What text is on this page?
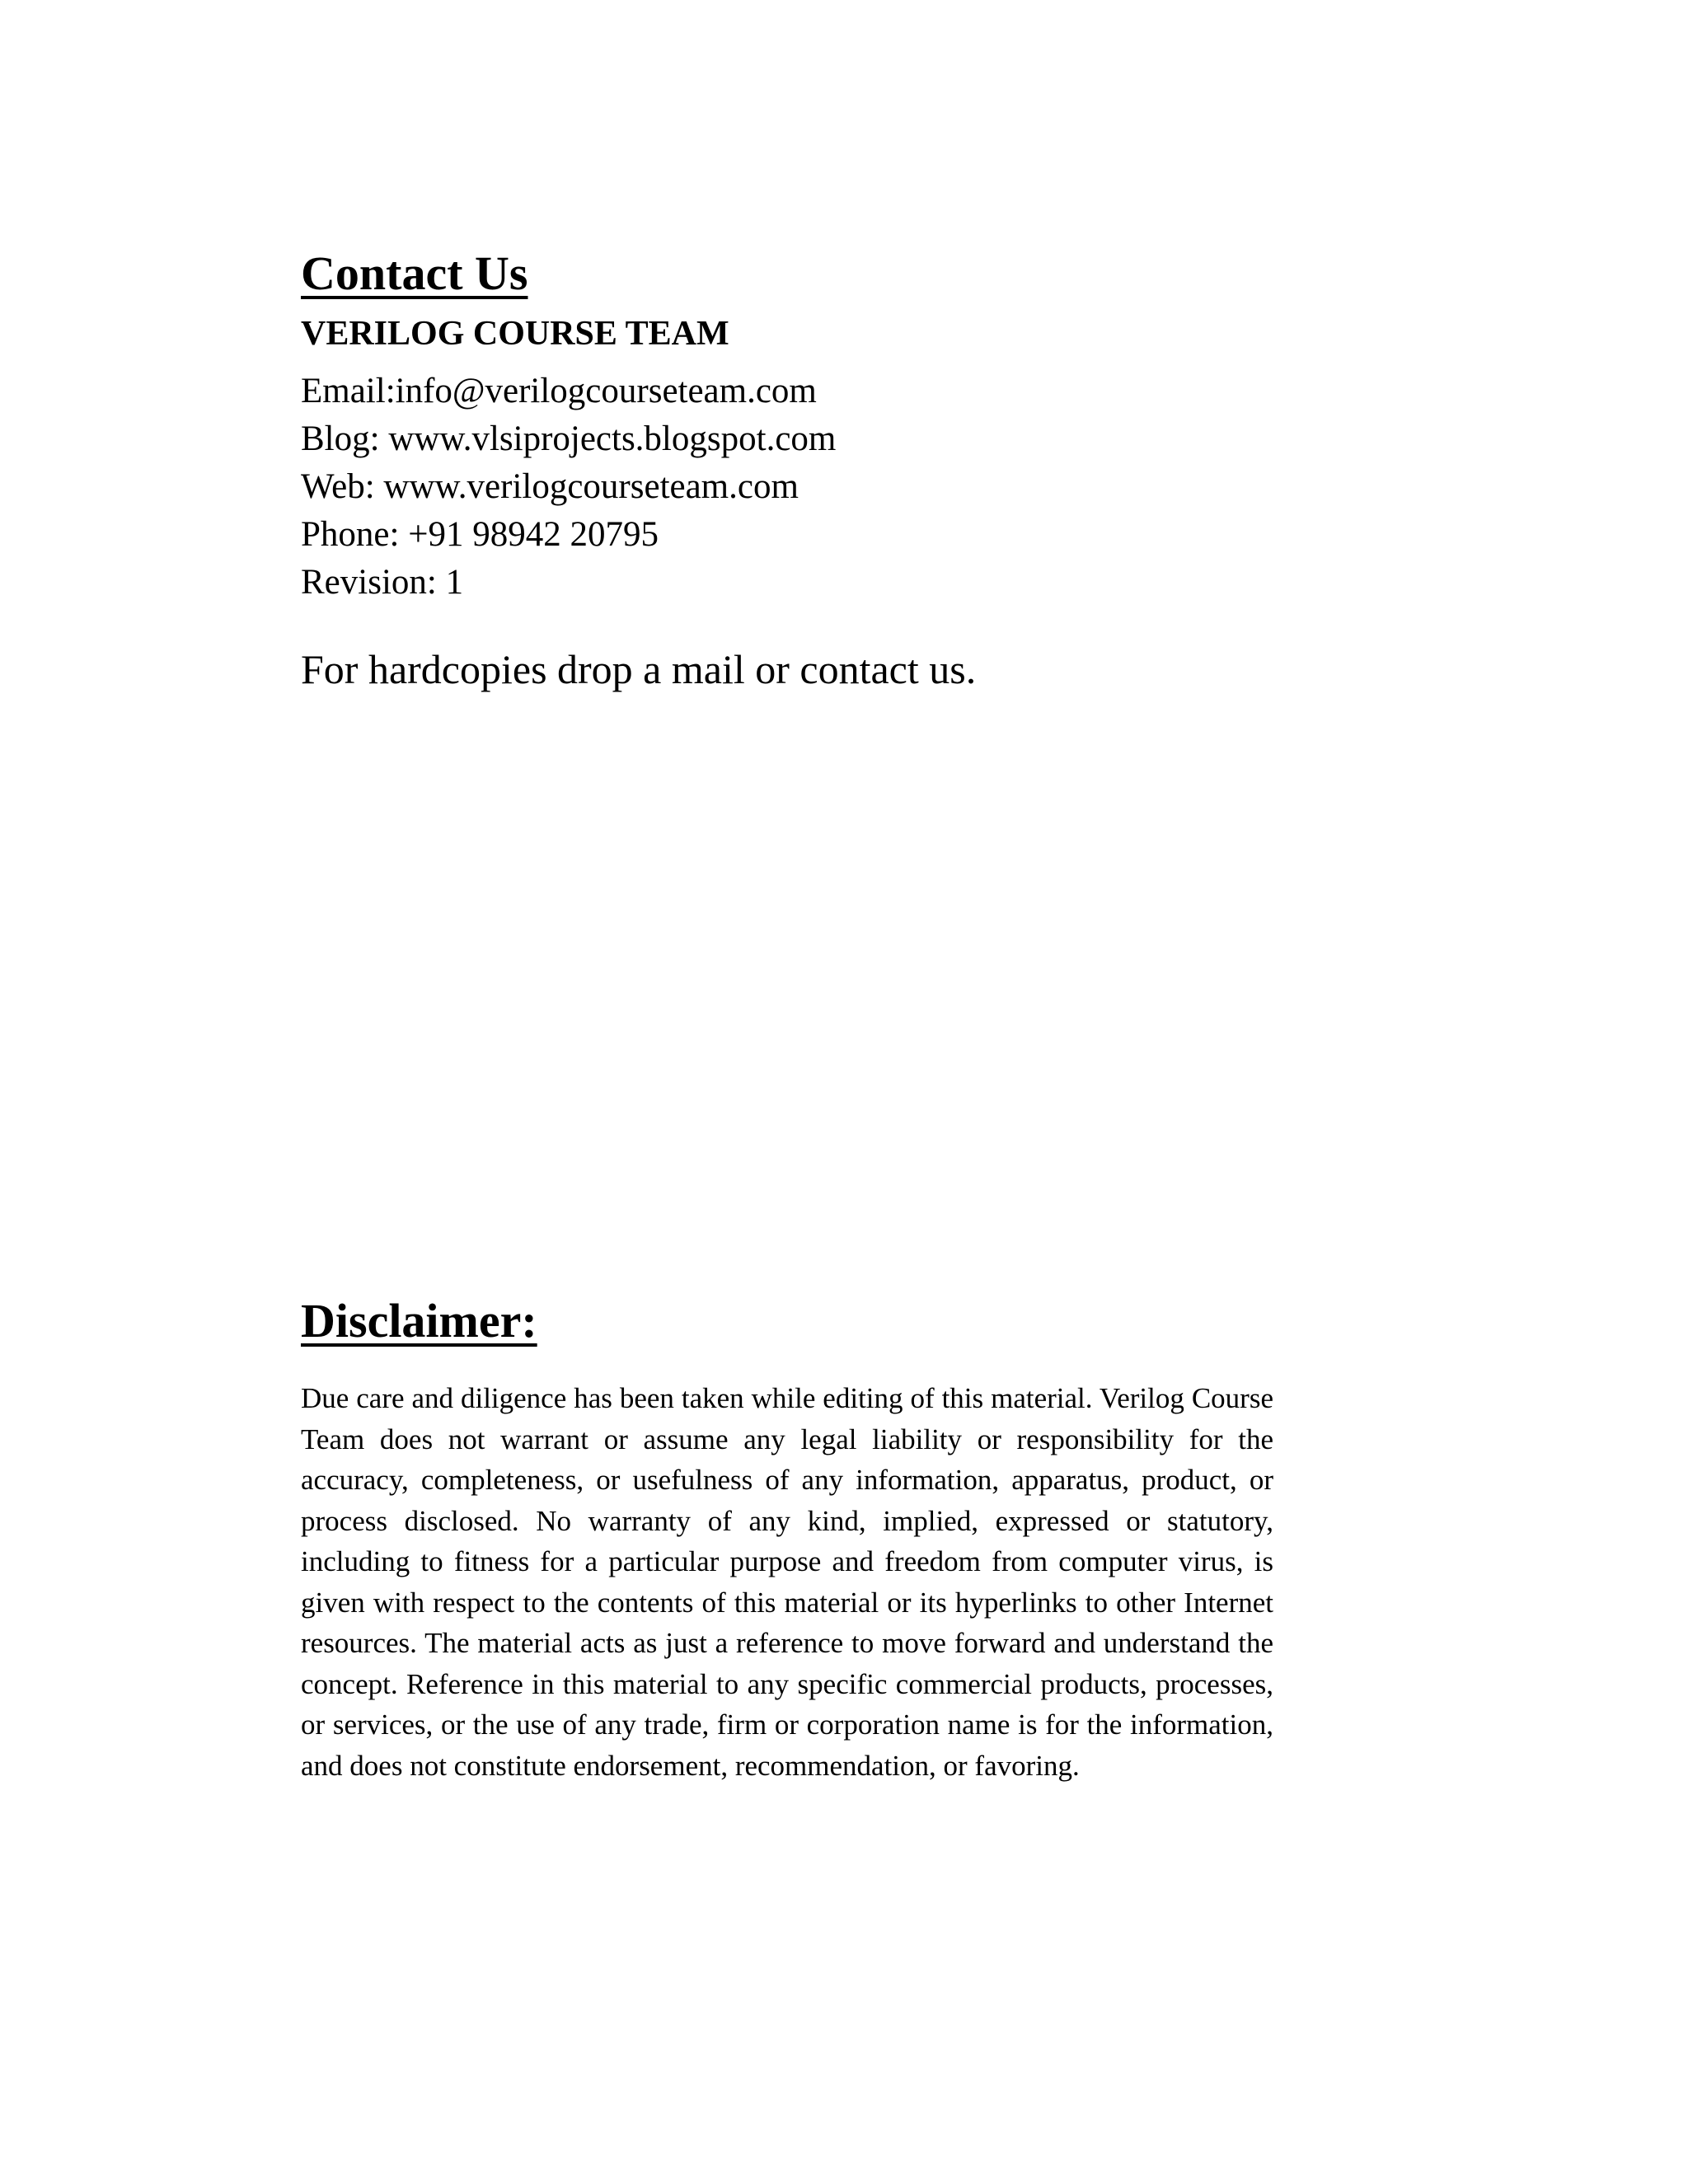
Contact Us
VERILOG COURSE TEAM
Email:info@verilogcourseteam.com
Blog: www.vlsiprojects.blogspot.com
Web: www.verilogcourseteam.com
Phone: +91 98942 20795
Revision: 1
For hardcopies drop a mail or contact us.
Disclaimer:
Due care and diligence has been taken while editing of this material. Verilog Course Team does not warrant or assume any legal liability or responsibility for the accuracy, completeness, or usefulness of any information, apparatus, product, or process disclosed. No warranty of any kind, implied, expressed or statutory, including to fitness for a particular purpose and freedom from computer virus, is given with respect to the contents of this material or its hyperlinks to other Internet resources. The material acts as just a reference to move forward and understand the concept. Reference in this material to any specific commercial products, processes, or services, or the use of any trade, firm or corporation name is for the information, and does not constitute endorsement, recommendation, or favoring.
